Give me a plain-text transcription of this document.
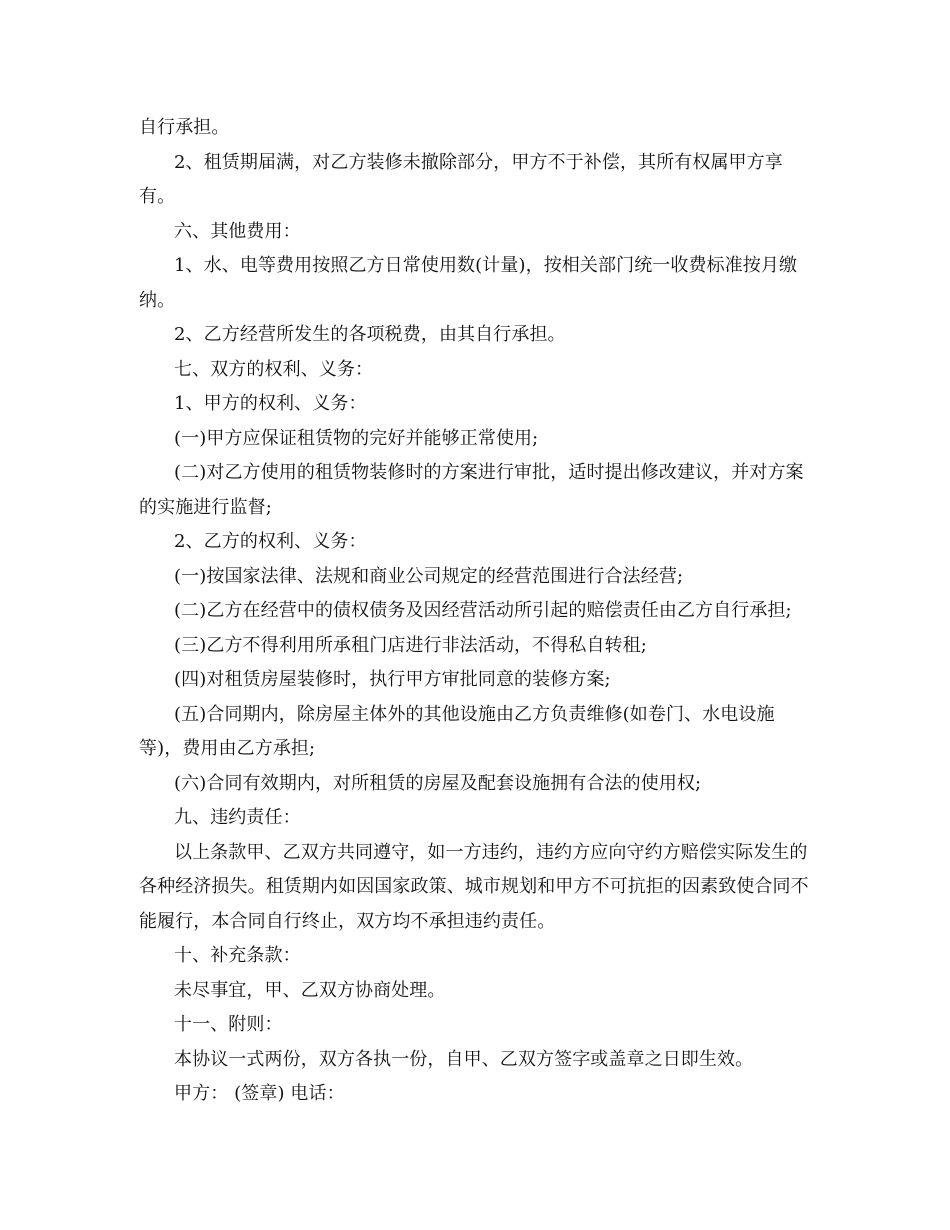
自行承担。

2、租赁期届满，对乙方装修未撤除部分，甲方不于补偿，其所有权属甲方享有。

六、其他费用：

1、水、电等费用按照乙方日常使用数(计量)，按相关部门统一收费标准按月缴纳。

2、乙方经营所发生的各项税费，由其自行承担。

七、双方的权利、义务：

1、甲方的权利、义务：

(一)甲方应保证租赁物的完好并能够正常使用;

(二)对乙方使用的租赁物装修时的方案进行审批，适时提出修改建议，并对方案的实施进行监督;

2、乙方的权利、义务：

(一)按国家法律、法规和商业公司规定的经营范围进行合法经营;

(二)乙方在经营中的债权债务及因经营活动所引起的赔偿责任由乙方自行承担;

(三)乙方不得利用所承租门店进行非法活动，不得私自转租;

(四)对租赁房屋装修时，执行甲方审批同意的装修方案;

(五)合同期内，除房屋主体外的其他设施由乙方负责维修(如卷门、水电设施等)，费用由乙方承担;

(六)合同有效期内，对所租赁的房屋及配套设施拥有合法的使用权;

九、违约责任：

以上条款甲、乙双方共同遵守，如一方违约，违约方应向守约方赔偿实际发生的各种经济损失。租赁期内如因国家政策、城市规划和甲方不可抗拒的因素致使合同不能履行，本合同自行终止，双方均不承担违约责任。

十、补充条款：

未尽事宜，甲、乙双方协商处理。

十一、附则：

本协议一式两份，双方各执一份，自甲、乙双方签字或盖章之日即生效。

甲方： (签章) 电话：
